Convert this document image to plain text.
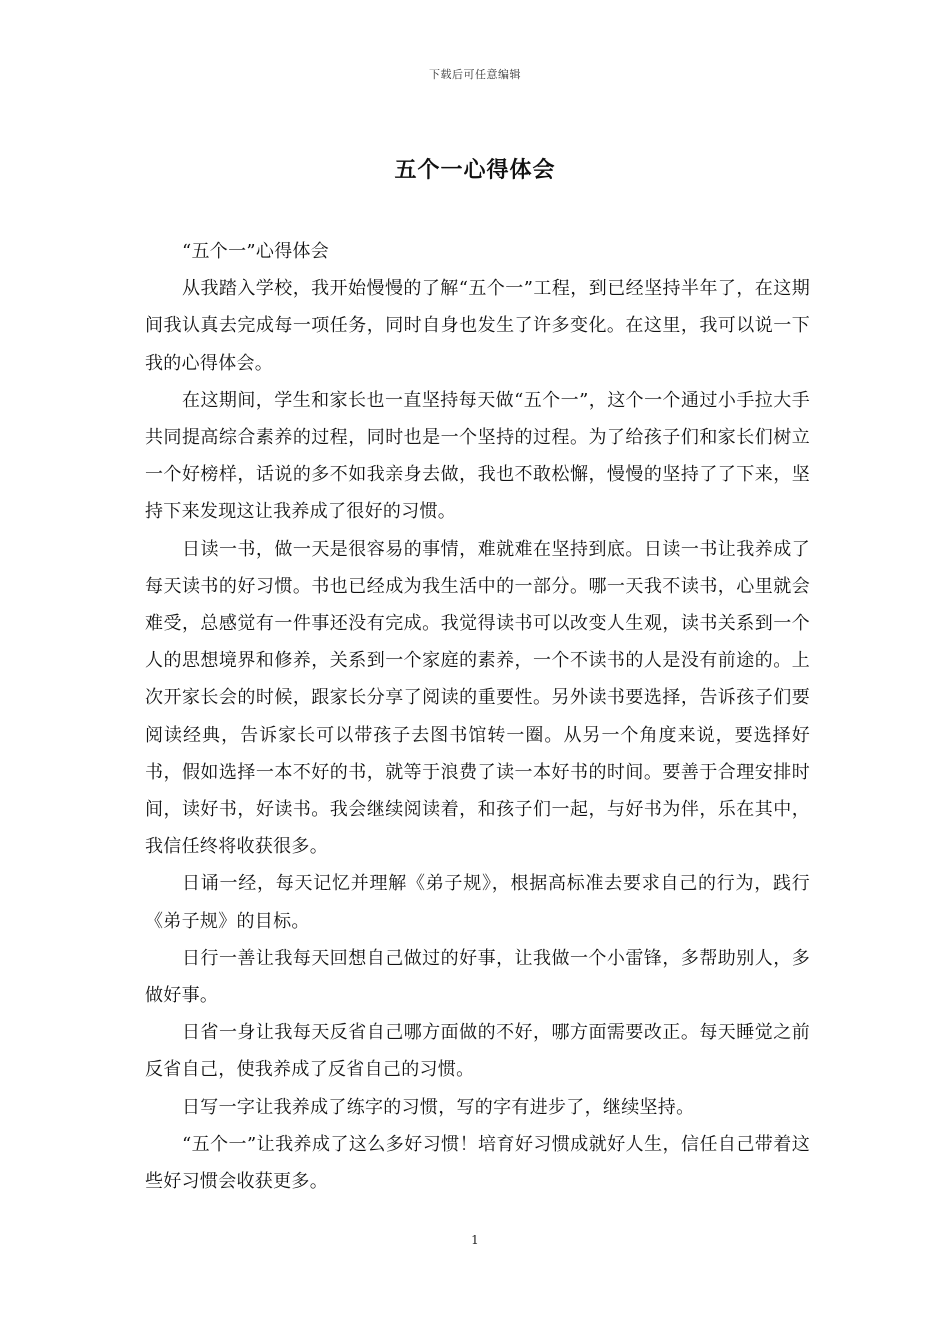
下载后可任意编辑
五个一心得体会

“五个一”心得体会

从我踏入学校，我开始慢慢的了解“五个一”工程，到已经坚持半年了，在这期间我认真去完成每一项任务，同时自身也发生了许多变化。在这里，我可以说一下我的心得体会。

在这期间，学生和家长也一直坚持每天做“五个一”，这个一个通过小手拉大手共同提高综合素养的过程，同时也是一个坚持的过程。为了给孩子们和家长们树立一个好榜样，话说的多不如我亲身去做，我也不敢松懈，慢慢的坚持了了下来，坚持下来发现这让我养成了很好的习惯。

日读一书，做一天是很容易的事情，难就难在坚持到底。日读一书让我养成了每天读书的好习惯。书也已经成为我生活中的一部分。哪一天我不读书，心里就会难受，总感觉有一件事还没有完成。我觉得读书可以改变人生观，读书关系到一个人的思想境界和修养，关系到一个家庭的素养，一个不读书的人是没有前途的。上次开家长会的时候，跟家长分享了阅读的重要性。另外读书要选择，告诉孩子们要阅读经典，告诉家长可以带孩子去图书馆转一圈。从另一个角度来说，要选择好书，假如选择一本不好的书，就等于浪费了读一本好书的时间。要善于合理安排时间，读好书，好读书。我会继续阅读着，和孩子们一起，与好书为伴，乐在其中，我信任终将收获很多。

日诵一经，每天记忆并理解《弟子规》，根据高标准去要求自己的行为，践行《弟子规》的目标。

日行一善让我每天回想自己做过的好事，让我做一个小雷锋，多帮助别人，多做好事。

日省一身让我每天反省自己哪方面做的不好，哪方面需要改正。每天睡觉之前反省自己，使我养成了反省自己的习惯。

日写一字让我养成了练字的习惯，写的字有进步了，继续坚持。

“五个一”让我养成了这么多好习惯！培育好习惯成就好人生，信任自己带着这些好习惯会收获更多。

1
